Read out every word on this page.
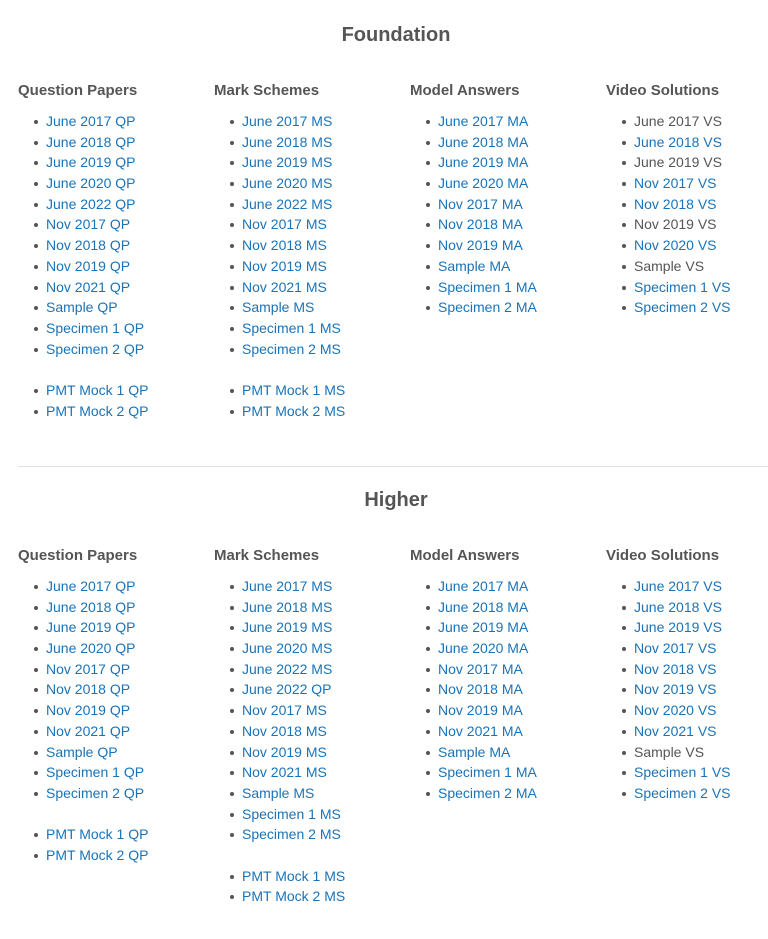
Foundation
Question Papers
June 2017 QP
June 2018 QP
June 2019 QP
June 2020 QP
June 2022 QP
Nov 2017 QP
Nov 2018 QP
Nov 2019 QP
Nov 2021 QP
Sample QP
Specimen 1 QP
Specimen 2 QP
PMT Mock 1 QP
PMT Mock 2 QP
Mark Schemes
June 2017 MS
June 2018 MS
June 2019 MS
June 2020 MS
June 2022 MS
Nov 2017 MS
Nov 2018 MS
Nov 2019 MS
Nov 2021 MS
Sample MS
Specimen 1 MS
Specimen 2 MS
PMT Mock 1 MS
PMT Mock 2 MS
Model Answers
June 2017 MA
June 2018 MA
June 2019 MA
June 2020 MA
Nov 2017 MA
Nov 2018 MA
Nov 2019 MA
Sample MA
Specimen 1 MA
Specimen 2 MA
Video Solutions
June 2017 VS
June 2018 VS
June 2019 VS
Nov 2017 VS
Nov 2018 VS
Nov 2019 VS
Nov 2020 VS
Sample VS
Specimen 1 VS
Specimen 2 VS
Higher
Question Papers
June 2017 QP
June 2018 QP
June 2019 QP
June 2020 QP
Nov 2017 QP
Nov 2018 QP
Nov 2019 QP
Nov 2021 QP
Sample QP
Specimen 1 QP
Specimen 2 QP
PMT Mock 1 QP
PMT Mock 2 QP
Mark Schemes
June 2017 MS
June 2018 MS
June 2019 MS
June 2020 MS
June 2022 MS
June 2022 QP
Nov 2017 MS
Nov 2018 MS
Nov 2019 MS
Nov 2021 MS
Sample MS
Specimen 1 MS
Specimen 2 MS
PMT Mock 1 MS
PMT Mock 2 MS
Model Answers
June 2017 MA
June 2018 MA
June 2019 MA
June 2020 MA
Nov 2017 MA
Nov 2018 MA
Nov 2019 MA
Nov 2021 MA
Sample MA
Specimen 1 MA
Specimen 2 MA
Video Solutions
June 2017 VS
June 2018 VS
June 2019 VS
Nov 2017 VS
Nov 2018 VS
Nov 2019 VS
Nov 2020 VS
Nov 2021 VS
Sample VS
Specimen 1 VS
Specimen 2 VS
